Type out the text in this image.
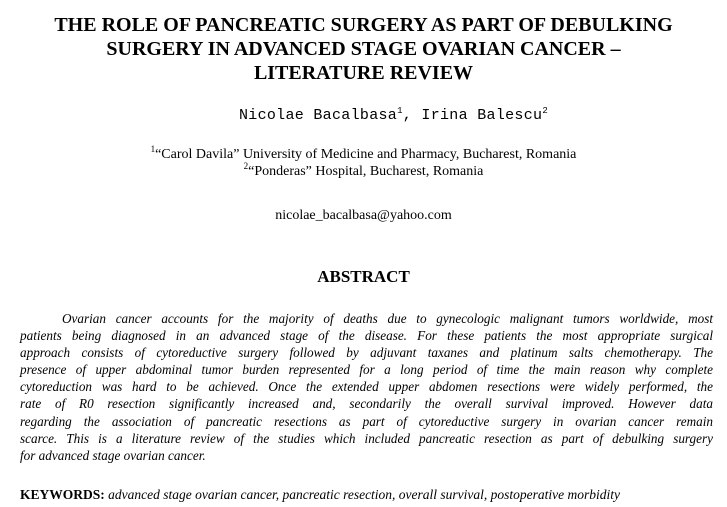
THE ROLE OF PANCREATIC SURGERY AS PART OF DEBULKING
SURGERY IN ADVANCED STAGE OVARIAN CANCER –
LITERATURE REVIEW
Nicolae Bacalbasa$^1$, Irina Balescu$^2$
$^1$“Carol Davila” University of Medicine and Pharmacy, Bucharest, Romania
$^2$“Ponderas” Hospital, Bucharest, Romania
nicolae_bacalbasa@yahoo.com
ABSTRACT
Ovarian cancer accounts for the majority of deaths due to gynecologic malignant tumors worldwide, most
patients being diagnosed in an advanced stage of the disease. For these patients the most appropriate surgical
approach consists of cytoreductive surgery followed by adjuvant taxanes and platinum salts chemotherapy. The
presence of upper abdominal tumor burden represented for a long period of time the main reason why complete
cytoreduction was hard to be achieved. Once the extended upper abdomen resections were widely performed, the
rate of R0 resection significantly increased and, secondarily the overall survival improved. However data
regarding the association of pancreatic resections as part of cytoreductive surgery in ovarian cancer remain
scarce. This is a literature review of the studies which included pancreatic resection as part of debulking surgery
for advanced stage ovarian cancer.
KEYWORDS: advanced stage ovarian cancer, pancreatic resection, overall survival, postoperative morbidity
